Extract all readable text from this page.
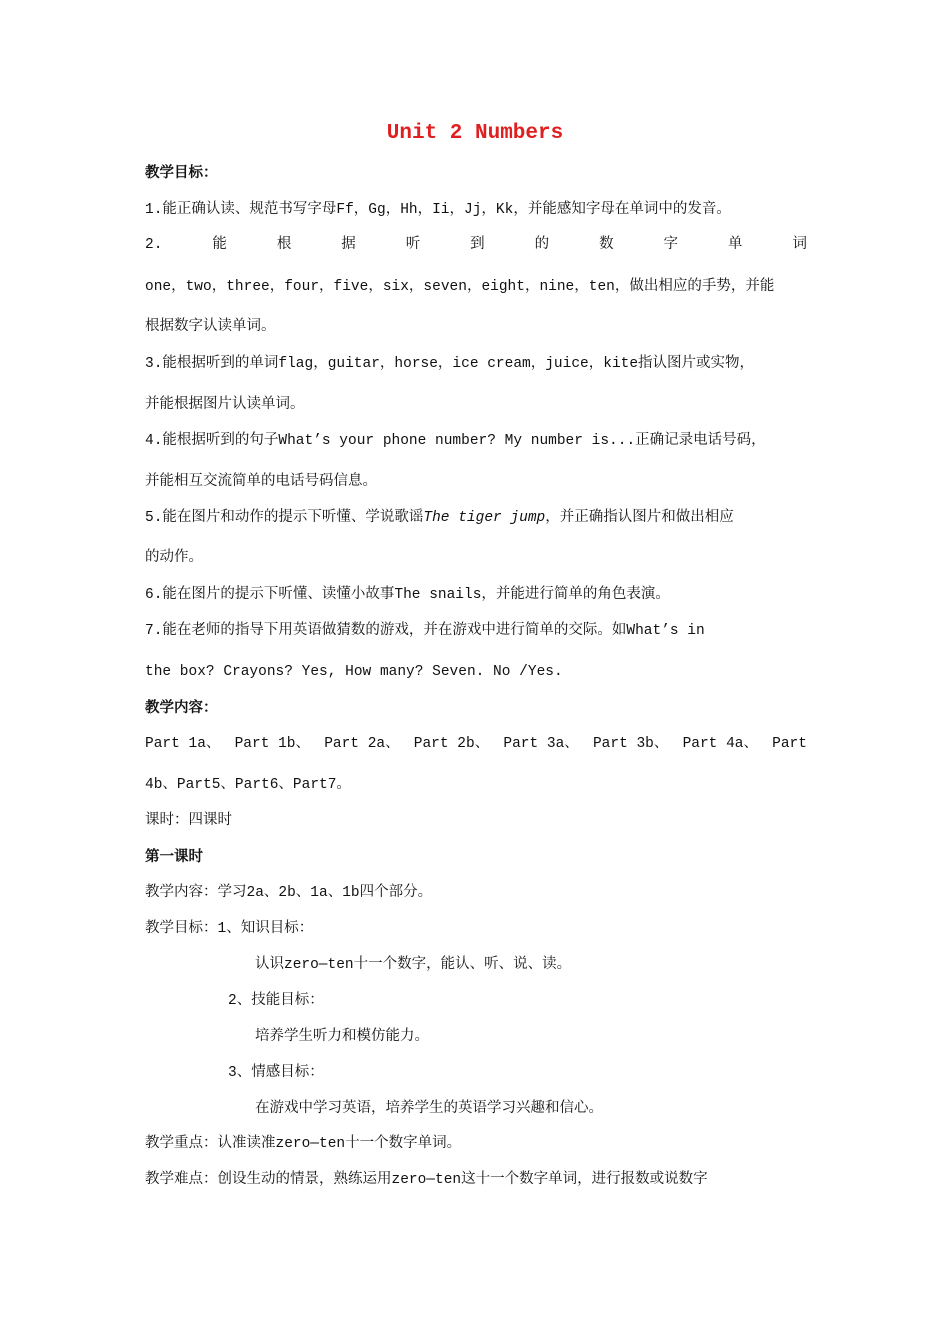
Unit 2 Numbers
教学目标：
1.能正确认读、规范书写字母Ff，Gg，Hh，Ii，Jj，Kk，并能感知字母在单词中的发音。
2.	能	根	据	听	到	的	数	字	单	词
one，two，three，four，five，six，seven，eight，nine，ten，做出相应的手势，并能
根据数字认读单词。
3.能根据听到的单词flag，guitar，horse，ice cream，juice，kite指认图片或实物，
并能根据图片认读单词。
4.能根据听到的句子What’s your phone number? My number is...正确记录电话号码，
并能相互交流简单的电话号码信息。
5.能在图片和动作的提示下听懂、学说歌谣The tiger jump，并正确指认图片和做出相应
的动作。
6.能在图片的提示下听懂、读懂小故事The snails，并能进行简单的角色表演。
7.能在老师的指导下用英语做猜数的游戏，并在游戏中进行简单的交际。如What’s in
the box? Crayons? Yes, How many? Seven. No /Yes.
教学内容：
Part 1a、 Part 1b、 Part 2a、 Part 2b、 Part 3a、 Part 3b、 Part 4a、 Part
4b、Part5、Part6、Part7。
课时：四课时
第一课时
教学内容：学习2a、2b、1a、1b四个部分。
教学目标：1、知识目标：
认识zero—ten十一个数字，能认、听、说、读。
2、技能目标：
培养学生听力和模仿能力。
3、情感目标：
在游戏中学习英语，培养学生的英语学习兴趣和信心。
教学重点：认准读准zero—ten十一个数字单词。
教学难点：创设生动的情景，熟练运用zero—ten这十一个数字单词，进行报数或说数字
